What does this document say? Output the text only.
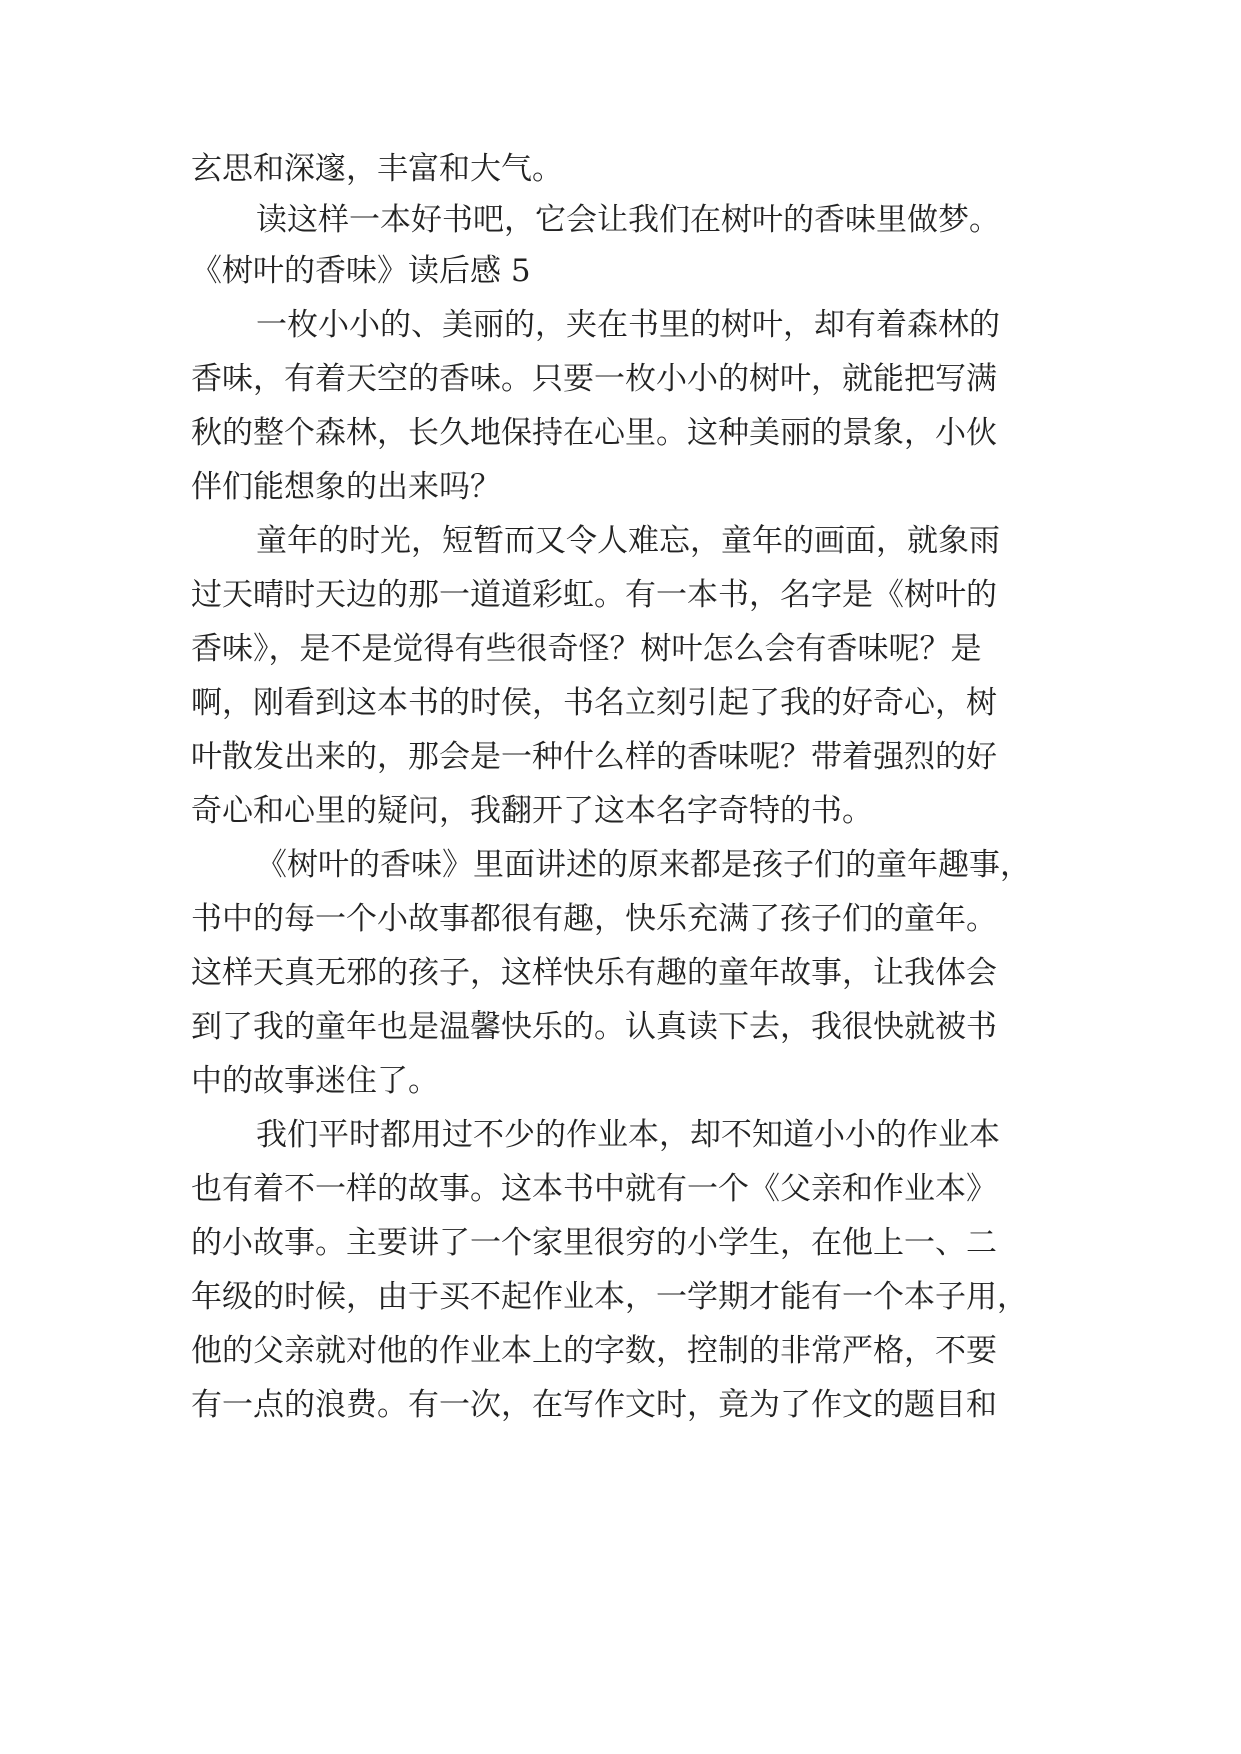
玄思和深邃，丰富和大气。
读这样一本好书吧，它会让我们在树叶的香味里做梦。
《树叶的香味》读后感 5
一枚小小的、美丽的，夹在书里的树叶，却有着森林的
香味，有着天空的香味。只要一枚小小的树叶，就能把写满
秋的整个森林，长久地保持在心里。这种美丽的景象，小伙
伴们能想象的出来吗？
童年的时光，短暂而又令人难忘，童年的画面，就象雨
过天晴时天边的那一道道彩虹。有一本书，名字是《树叶的
香味》，是不是觉得有些很奇怪？树叶怎么会有香味呢？是
啊，刚看到这本书的时侯，书名立刻引起了我的好奇心，树
叶散发出来的，那会是一种什么样的香味呢？带着强烈的好
奇心和心里的疑问，我翻开了这本名字奇特的书。
《树叶的香味》里面讲述的原来都是孩子们的童年趣事，
书中的每一个小故事都很有趣，快乐充满了孩子们的童年。
这样天真无邪的孩子，这样快乐有趣的童年故事，让我体会
到了我的童年也是温馨快乐的。认真读下去，我很快就被书
中的故事迷住了。
我们平时都用过不少的作业本，却不知道小小的作业本
也有着不一样的故事。这本书中就有一个《父亲和作业本》
的小故事。主要讲了一个家里很穷的小学生，在他上一、二
年级的时候，由于买不起作业本，一学期才能有一个本子用，
他的父亲就对他的作业本上的字数，控制的非常严格，不要
有一点的浪费。有一次，在写作文时，竟为了作文的题目和
